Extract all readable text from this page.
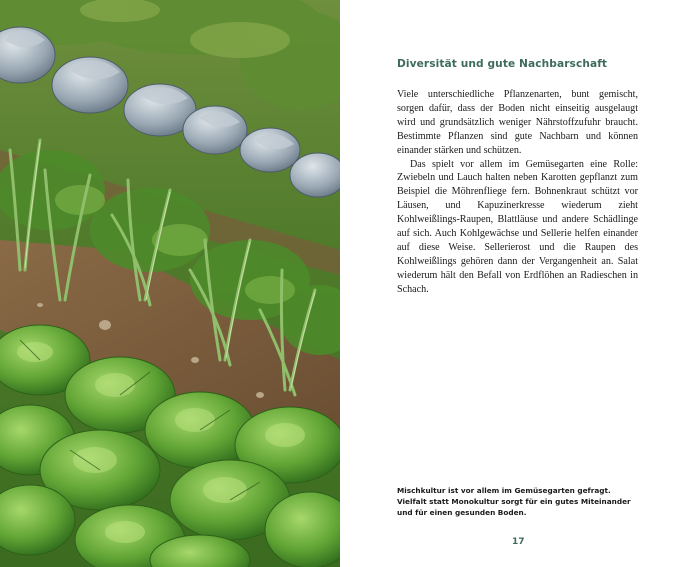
Diversität und gute Nachbarschaft

Viele unterschiedliche Pflanzenarten, bunt gemischt, sorgen dafür, dass der Boden nicht einseitig ausgelaugt wird und grundsätzlich weniger Nährstoffzufuhr braucht. Bestimmte Pflanzen sind gute Nachbarn und können einander stärken und schützen.

Das spielt vor allem im Gemüsegarten eine Rolle: Zwiebeln und Lauch halten neben Karotten gepflanzt zum Beispiel die Möhrenfliege fern. Bohnenkraut schützt vor Läusen, und Kapuzinerkresse wiederum zieht Kohlweißlings-Raupen, Blattläuse und andere Schädlinge auf sich. Auch Kohlgewächse und Sellerie helfen einander auf diese Weise. Sellerierost und die Raupen des Kohlweißlings gehören dann der Vergangenheit an. Salat wiederum hält den Befall von Erdflöhen an Radieschen in Schach.

Mischkultur ist vor allem im Gemüsegarten gefragt. Vielfalt statt Monokultur sorgt für ein gutes Miteinander und für einen gesunden Boden.

17
